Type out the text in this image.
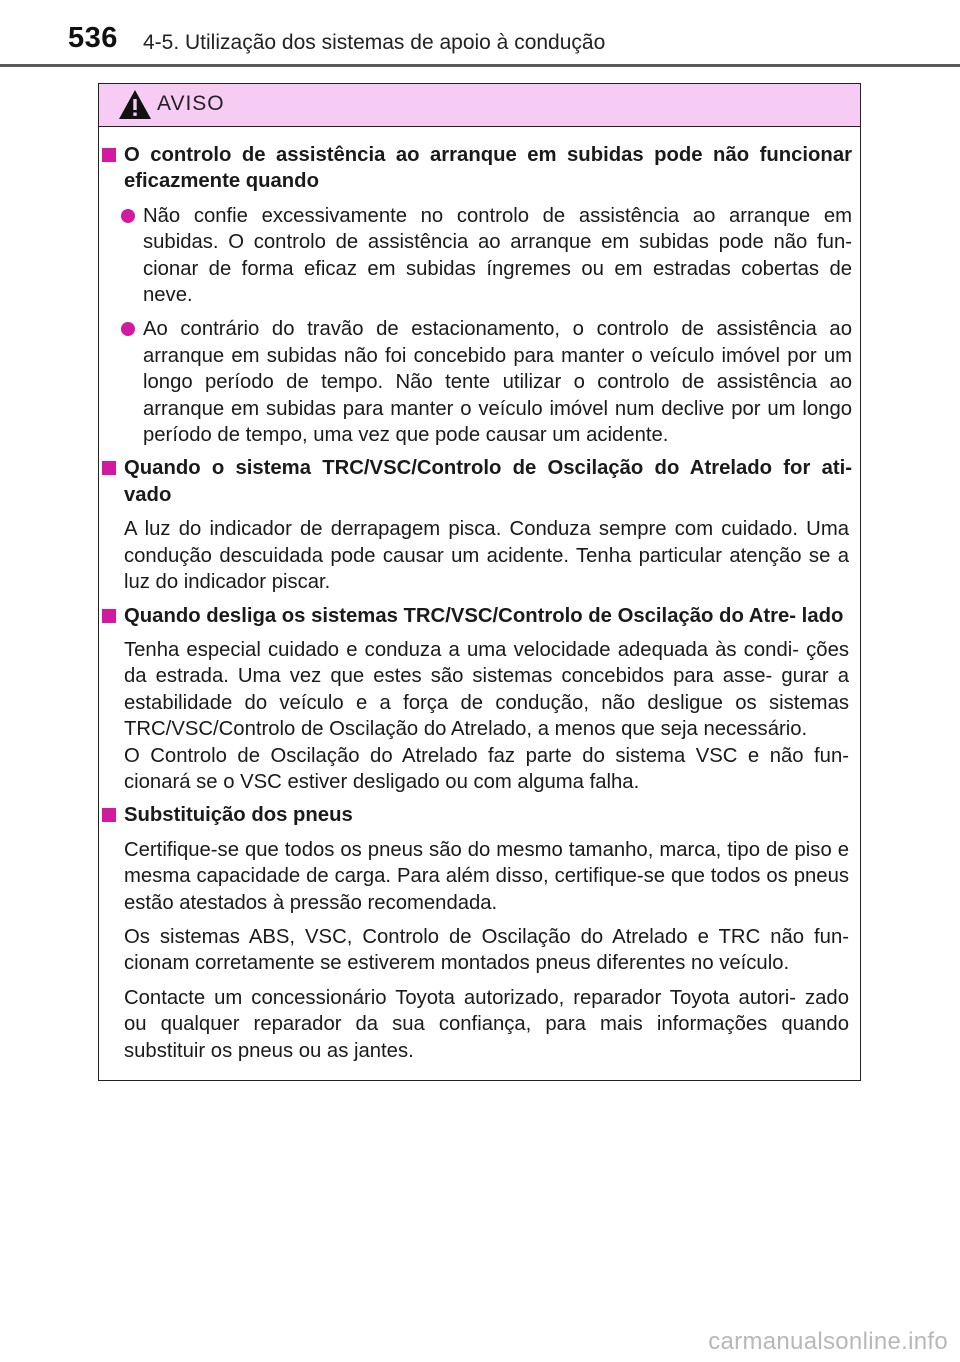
536 4-5. Utilização dos sistemas de apoio à condução
AVISO
O controlo de assistência ao arranque em subidas pode não funcionar eficazmente quando
Não confie excessivamente no controlo de assistência ao arranque em subidas. O controlo de assistência ao arranque em subidas pode não fun- cionar de forma eficaz em subidas íngremes ou em estradas cobertas de neve.
Ao contrário do travão de estacionamento, o controlo de assistência ao arranque em subidas não foi concebido para manter o veículo imóvel por um longo período de tempo. Não tente utilizar o controlo de assistência ao arranque em subidas para manter o veículo imóvel num declive por um longo período de tempo, uma vez que pode causar um acidente.
Quando o sistema TRC/VSC/Controlo de Oscilação do Atrelado for ati- vado
A luz do indicador de derrapagem pisca. Conduza sempre com cuidado. Uma condução descuidada pode causar um acidente. Tenha particular atenção se a luz do indicador piscar.
Quando desliga os sistemas TRC/VSC/Controlo de Oscilação do Atre- lado
Tenha especial cuidado e conduza a uma velocidade adequada às condi- ções da estrada. Uma vez que estes são sistemas concebidos para asse- gurar a estabilidade do veículo e a força de condução, não desligue os sistemas TRC/VSC/Controlo de Oscilação do Atrelado, a menos que seja necessário.
O Controlo de Oscilação do Atrelado faz parte do sistema VSC e não fun- cionará se o VSC estiver desligado ou com alguma falha.
Substituição dos pneus
Certifique-se que todos os pneus são do mesmo tamanho, marca, tipo de piso e mesma capacidade de carga. Para além disso, certifique-se que todos os pneus estão atestados à pressão recomendada.
Os sistemas ABS, VSC, Controlo de Oscilação do Atrelado e TRC não fun- cionam corretamente se estiverem montados pneus diferentes no veículo.
Contacte um concessionário Toyota autorizado, reparador Toyota autori- zado ou qualquer reparador da sua confiança, para mais informações quando substituir os pneus ou as jantes.
carmanualsonline.info
